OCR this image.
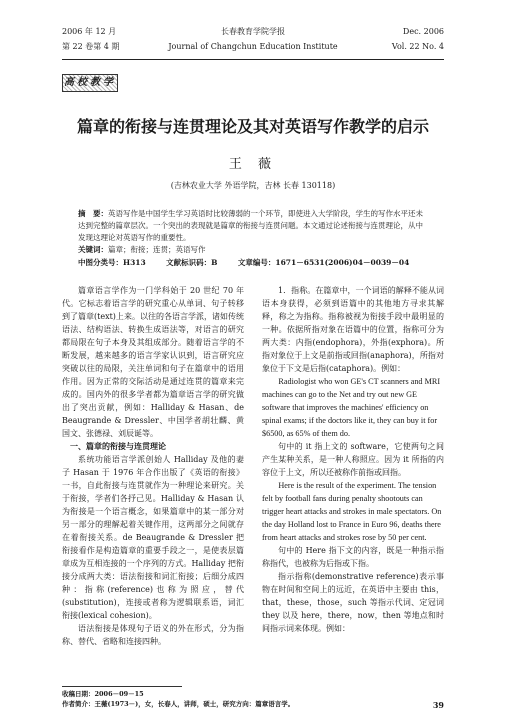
2006 年 12 月	长春教育学院学报	Dec. 2006
第 22 卷第 4 期	Journal of Changchun Education Institute	Vol. 22 No. 4
高校教学
篇章的衔接与连贯理论及其对英语写作教学的启示
王 薇
(吉林农业大学 外语学院，吉林 长春 130118)
摘　要：英语写作是中国学生学习英语时比较薄弱的一个环节，即使进入大学阶段，学生的写作水平还未达到完整的篇章层次。一个突出的表现就是篇章的衔接与连贯问题。本文通过论述衔接与连贯理论，从中发现这理论对英语写作的重要性。
关键词：篇章；衔接；连贯；英语写作
中图分类号：H313	文献标识码：B	文章编号：1671－6531(2006)04－0039－04

篇章语言学作为一门学科始于 20 世纪 70 年代。它标志着语言学的研究重心从单词、句子转移到了篇章(text)上来。以往的各语言学派，诸如传统语法、结构语法、转换生成语法等，对语言的研究都局限在句子本身及其组成部分。随着语言学的不断发展，越来越多的语言学家认识到，语言研究应突破以往的局限，关注单词和句子在篇章中的语用作用。因为正常的交际活动是通过连贯的篇章来完成的。国内外的很多学者都为篇章语言学的研究做出了突出贡献，例如：Halliday & Hasan、de Beaugrande & Dressler、中国学者胡壮麟、黄国文、张德禄、刘辰诞等。

一、篇章的衔接与连贯理论

系统功能语言学派创始人 Halliday 及他的妻子 Hasan 于 1976 年合作出版了《英语的衔接》一书，自此衔接与连贯就作为一种理论来研究。关于衔接，学者们各抒己见。Halliday & Hasan 认为衔接是一个语言概念，如果篇章中的某一部分对另一部分的理解起着关键作用，这两部分之间就存在着衔接关系。de Beaugrande & Dressler 把衔接看作是构造篇章的重要手段之一，是使表层篇章成为互相连接的一个序列的方式。Halliday 把衔接分成两大类：语法衔接和词汇衔接；后细分成四种：指称(reference)也称为照应，替代(substitution)，连接或者称为逻辑联系语，词汇衔接(lexical cohesion)。

语法衔接是体现句子语义的外在形式，分为指称、替代、省略和连接四种。

1．指称。在篇章中，一个词语的解释不能从词语本身获得，必须到语篇中的其他地方寻求其解释，称之为指称。指称被视为衔接手段中最明显的一种。依据所指对象在语篇中的位置，指称可分为两大类：内指(endophora)，外指(exphora)。所指对象位于上文是前指或回指(anaphora)，所指对象位于下文是后指(cataphora)。例如：

Radiologist who won GE's CT scanners and MRI machines can go to the Net and try out new GE software that improves the machines' efficiency on spinal exams; if the doctors like it, they can buy it for $6500, as 65% of them do.

句中的 it 指上文的 software，它使两句之间产生某种关系，是一种人称照应。因为 it 所指的内容位于上文，所以还被称作前指或回指。

Here is the result of the experiment. The tension felt by football fans during penalty shootouts can trigger heart attacks and strokes in male spectators. On the day Holland lost to France in Euro 96, deaths there from heart attacks and strokes rose by 50 per cent.

句中的 Here 指下文的内容，既是一种指示指称指代，也被称为后指或下指。

指示指称(demonstrative reference)表示事物在时间和空间上的远近，在英语中主要由 this，that，these，those，such 等指示代词、定冠词 they 以及 here，there，now，then 等地点和时间指示词来体现。例如：

收稿日期：2006－09－15
作者简介：王薇(1973－)，女，长春人，讲师，硕士，研究方向：篇章语言学。	39
